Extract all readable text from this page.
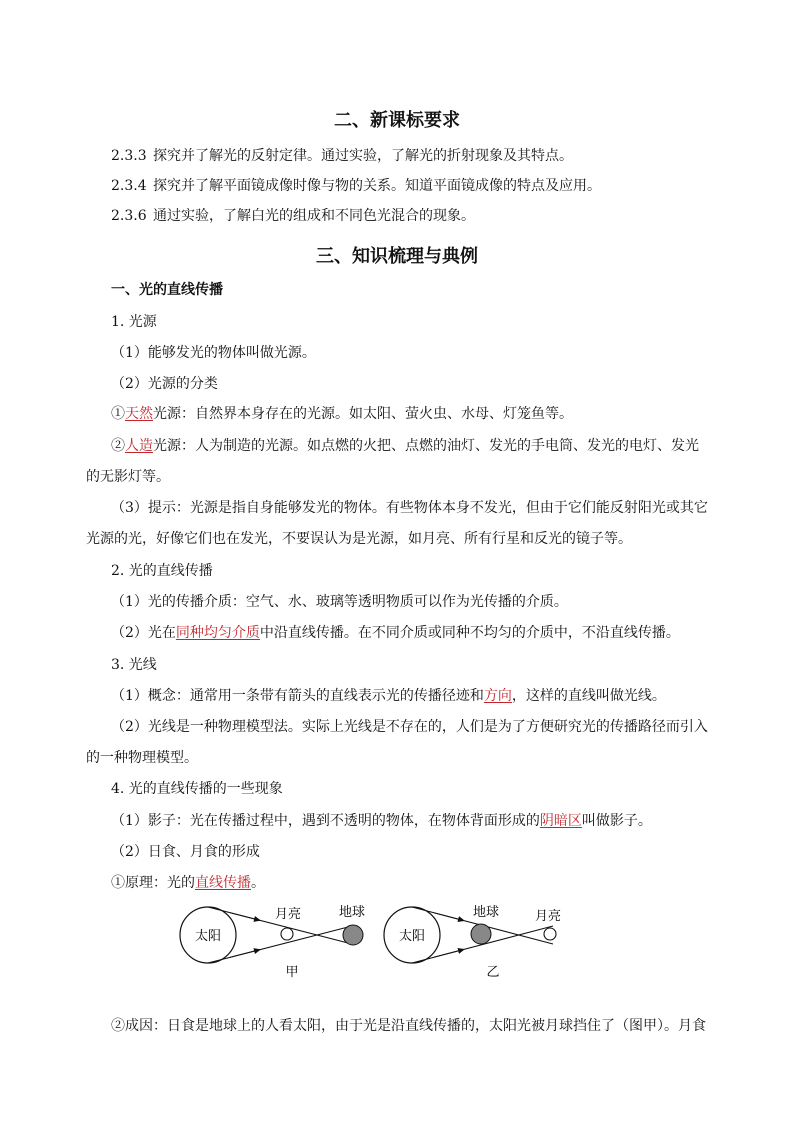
二、新课标要求
2.3.3 探究并了解光的反射定律。通过实验，了解光的折射现象及其特点。
2.3.4 探究并了解平面镜成像时像与物的关系。知道平面镜成像的特点及应用。
2.3.6 通过实验，了解白光的组成和不同色光混合的现象。
三、知识梳理与典例
一、光的直线传播
1. 光源
（1）能够发光的物体叫做光源。
（2）光源的分类
①天然光源：自然界本身存在的光源。如太阳、萤火虫、水母、灯笼鱼等。
②人造光源：人为制造的光源。如点燃的火把、点燃的油灯、发光的手电筒、发光的电灯、发光
的无影灯等。
（3）提示：光源是指自身能够发光的物体。有些物体本身不发光，但由于它们能反射阳光或其它
光源的光，好像它们也在发光，不要误认为是光源，如月亮、所有行星和反光的镜子等。
2. 光的直线传播
（1）光的传播介质：空气、水、玻璃等透明物质可以作为光传播的介质。
（2）光在同种均匀介质中沿直线传播。在不同介质或同种不均匀的介质中，不沿直线传播。
3. 光线
（1）概念：通常用一条带有箭头的直线表示光的传播径迹和方向，这样的直线叫做光线。
（2）光线是一种物理模型法。实际上光线是不存在的，人们是为了方便研究光的传播路径而引入
的一种物理模型。
4. 光的直线传播的一些现象
（1）影子：光在传播过程中，遇到不透明的物体，在物体背面形成的阴暗区叫做影子。
（2）日食、月食的形成
①原理：光的直线传播。
太阳
月亮	地球
甲
太阳
地球	月亮
乙
②成因：日食是地球上的人看太阳，由于光是沿直线传播的，太阳光被月球挡住了（图甲）。月食
